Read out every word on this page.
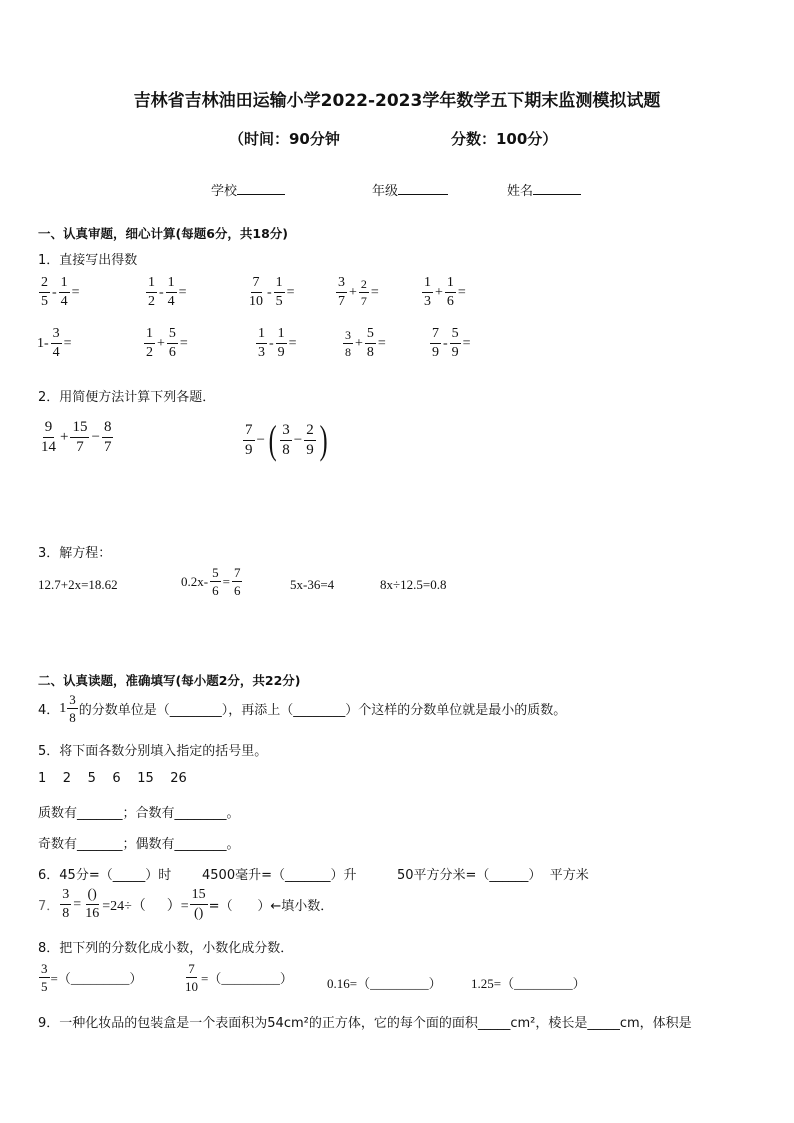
吉林省吉林油田运输小学2022-2023学年数学五下期末监测模拟试题
（时间：90分钟	分数：100分）
学校	年级	姓名
一、认真审题，细心计算(每题6分，共18分)
1．直接写出得数
$\frac{2}{5} - \frac{1}{4}$ =	$\frac{1}{2} - \frac{1}{4}$ =	$\frac{7}{10} - \frac{1}{5}$ =	$\frac{3}{7} + \frac{2}{7}$ =	$\frac{1}{3} + \frac{1}{6}$ =
$1- \frac{3}{4}$ =	$\frac{1}{2} + \frac{5}{6}$ =	$\frac{1}{3} - \frac{1}{9}$ =	$\frac{3}{8} + \frac{5}{8}$ =	$\frac{7}{9} - \frac{5}{9}$ =
2．用简便方法计算下列各题．
$\frac{9}{14} + \frac{15}{7} - \frac{8}{7}$	$\frac{7}{9}$ − ( $\frac{3}{8} - \frac{2}{9}$ )
3．解方程：
12.7+2x=18.62	$0.2x- \frac{5}{6} = \frac{7}{6}$	5x-36=4	8x÷12.5=0.8
二、认真读题，准确填写(每小题2分，共22分)
4． $1 \frac{3}{8}$ 的分数单位是（________），再添上（________）个这样的分数单位就是最小的质数。
5．将下面各数分别填入指定的括号里。
1    2    5    6    15    26
质数有_______；合数有________。
奇数有_______；偶数有________。
6．45分=（_____）时 4500毫升=（_______）升	50平方分米=（______）  平方米
7． $\frac{3}{8} = \frac{()}{16} =24\div$（      ）= $\frac{15}{()}$ =（      ）←填小数．
8．把下列的分数化成小数，小数化成分数．
$\frac{3}{5}$ =（_________）	$\frac{7}{10}$ =（_________）	0.16=（_________） 1.25=（_________）
9．一种化妆品的包装盒是一个表面积为54cm²的正方体，它的每个面的面积_____cm²，棱长是_____cm，体积是
